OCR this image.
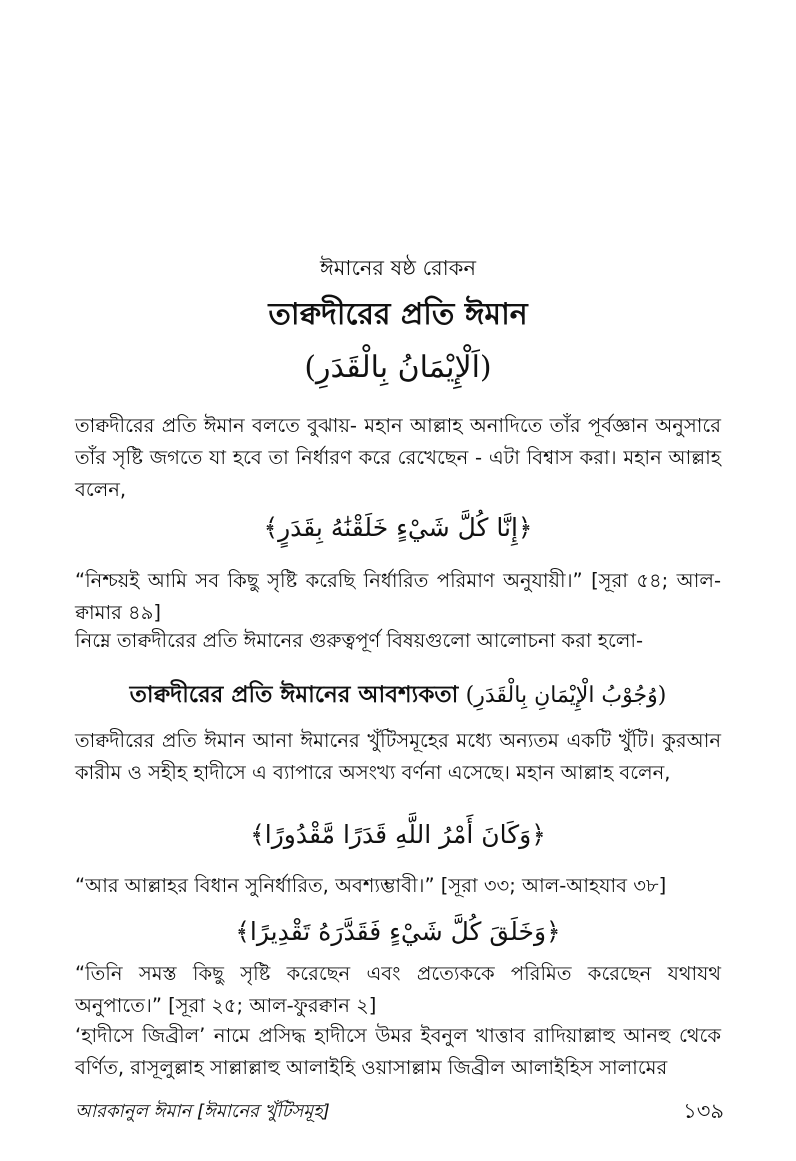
ঈমানের ষষ্ঠ রোকন
তাক্বদীরের প্রতি ঈমান
(اَلْإِيْمَانُ بِالْقَدَرِ)
তাক্বদীরের প্রতি ঈমান বলতে বুঝায়- মহান আল্লাহ অনাদিতে তাঁর পূর্বজ্ঞান অনুসারে তাঁর সৃষ্টি জগতে যা হবে তা নির্ধারণ করে রেখেছেন - এটা বিশ্বাস করা। মহান আল্লাহ বলেন,
﴿إِنَّا كُلَّ شَيْءٍ خَلَقْنَٰهُ بِقَدَرٍ﴾
“নিশ্চয়ই আমি সব কিছু সৃষ্টি করেছি নির্ধারিত পরিমাণ অনুযায়ী।” [সূরা ৫৪; আল-ক্বামার ৪৯]
নিম্নে তাক্বদীরের প্রতি ঈমানের গুরুত্বপূর্ণ বিষয়গুলো আলোচনা করা হলো-
তাক্বদীরের প্রতি ঈমানের আবশ্যকতা (وُجُوْبُ الْإِيْمَانِ بِالْقَدَرِ)
তাক্বদীরের প্রতি ঈমান আনা ঈমানের খুঁটিসমূহের মধ্যে অন্যতম একটি খুঁটি। কুরআন কারীম ও সহীহ হাদীসে এ ব্যাপারে অসংখ্য বর্ণনা এসেছে। মহান আল্লাহ বলেন,
﴿وَكَانَ أَمْرُ اللَّهِ قَدَرًا مَّقْدُورًا﴾
“আর আল্লাহর বিধান সুনির্ধারিত, অবশ্যম্ভাবী।” [সূরা ৩৩; আল-আহযাব ৩৮]
﴿وَخَلَقَ كُلَّ شَيْءٍ فَقَدَّرَهُ تَقْدِيرًا﴾
“তিনি সমস্ত কিছু সৃষ্টি করেছেন এবং প্রত্যেককে পরিমিত করেছেন যথাযথ অনুপাতে।” [সূরা ২৫; আল-ফুরক্বান ২]
‘হাদীসে জিব্রীল’ নামে প্রসিদ্ধ হাদীসে উমর ইবনুল খাত্তাব রাদিয়াল্লাহু আনহু থেকে বর্ণিত, রাসূলুল্লাহ সাল্লাল্লাহু আলাইহি ওয়াসাল্লাম জিব্রীল আলাইহিস সালামের
আরকানুল ঈমান [ঈমানের খুঁটিসমূহ]	১৩৯
